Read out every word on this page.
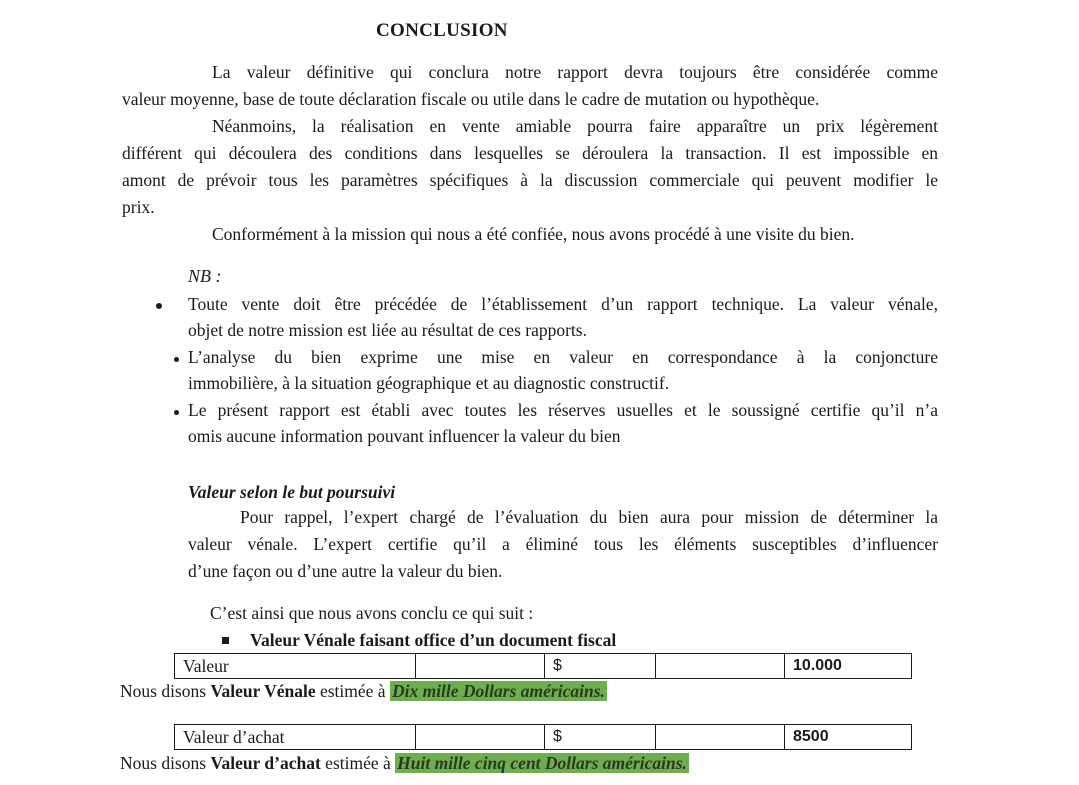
CONCLUSION
La valeur définitive qui conclura notre rapport devra toujours être considérée comme
valeur moyenne, base de toute déclaration fiscale ou utile dans le cadre de mutation ou hypothèque.
Néanmoins, la réalisation en vente amiable pourra faire apparaître un prix légèrement
différent qui découlera des conditions dans lesquelles se déroulera la transaction. Il est impossible en
amont de prévoir tous les paramètres spécifiques à la discussion commerciale qui peuvent modifier le
prix.
Conformément à la mission qui nous a été confiée, nous avons procédé à une visite du bien.
NB :
Toute vente doit être précédée de l’établissement d’un rapport technique. La valeur vénale,
objet de notre mission est liée au résultat de ces rapports.
L’analyse du bien exprime une mise en valeur en correspondance à la conjoncture
immobilière, à la situation géographique et au diagnostic constructif.
Le présent rapport est établi avec toutes les réserves usuelles et le soussigné certifie qu’il n’a
omis aucune information pouvant influencer la valeur du bien
Valeur selon le but poursuivi
Pour rappel, l’expert chargé de l’évaluation du bien aura pour mission de déterminer la
valeur vénale. L’expert certifie qu’il a éliminé tous les éléments susceptibles d’influencer
d’une façon ou d’une autre la valeur du bien.
C’est ainsi que nous avons conclu ce qui suit :
Valeur Vénale faisant office d’un document fiscal
Valeur		$		10.000
Nous disons Valeur Vénale estimée à Dix mille Dollars américains.
Valeur d’achat		$		8500
Nous disons Valeur d’achat estimée à Huit mille cinq cent Dollars américains.
